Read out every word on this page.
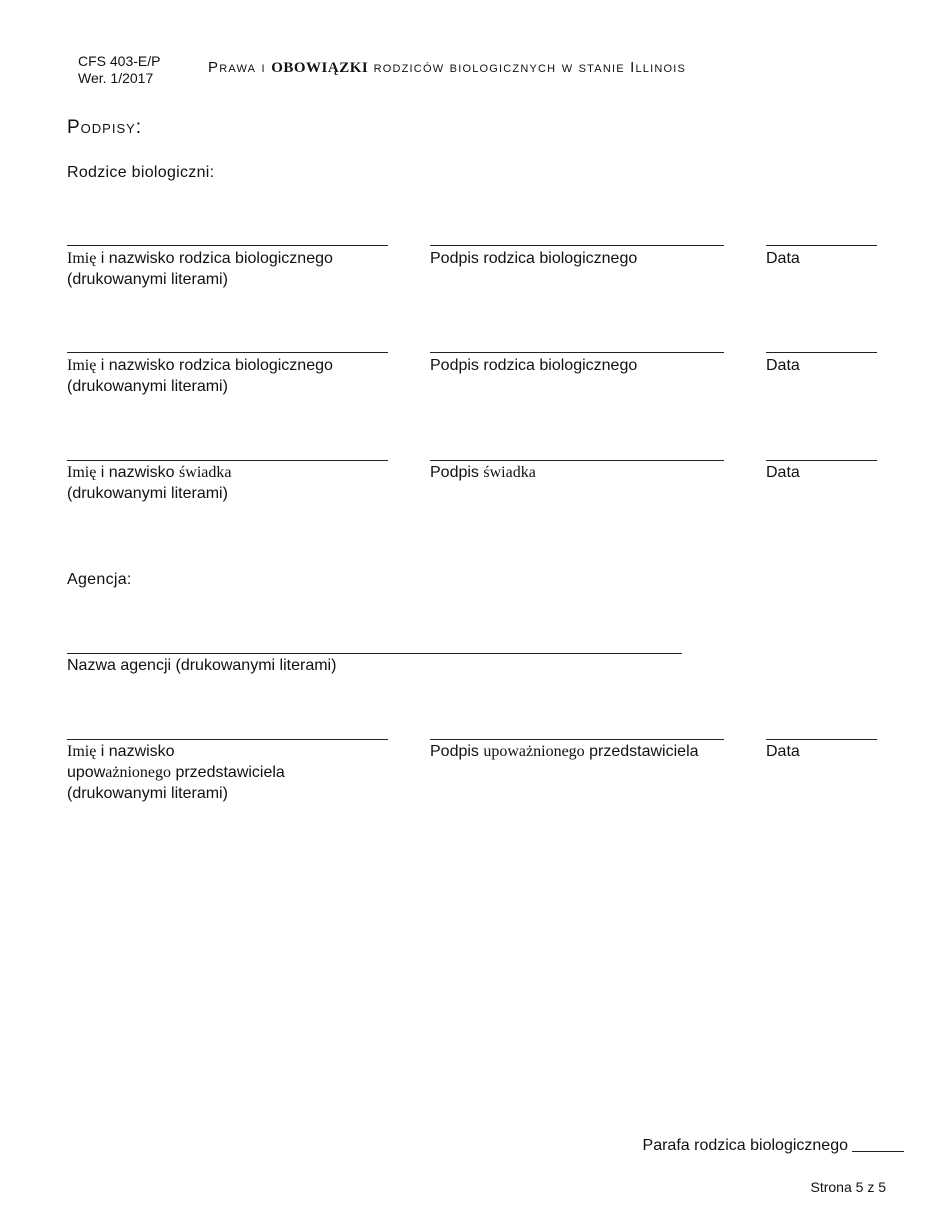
CFS 403-E/P
Wer. 1/2017
Prawa i OBOWIĄZKI rodziców biologicznych w stanie Illinois
Podpisy:
Rodzice biologiczni:
Imię i nazwisko rodzica biologicznego
(drukowanymi literami)
Podpis rodzica biologicznego	Data
Imię i nazwisko rodzica biologicznego
(drukowanymi literami)
Podpis rodzica biologicznego	Data
Imię i nazwisko świadka
(drukowanymi literami)
Podpis świadka	Data
Agencja:
Nazwa agencji (drukowanymi literami)
Imię i nazwisko
upoważnionego przedstawiciela
(drukowanymi literami)
Podpis upoważnionego przedstawiciela	Data
Parafa rodzica biologicznego
Strona 5 z 5
